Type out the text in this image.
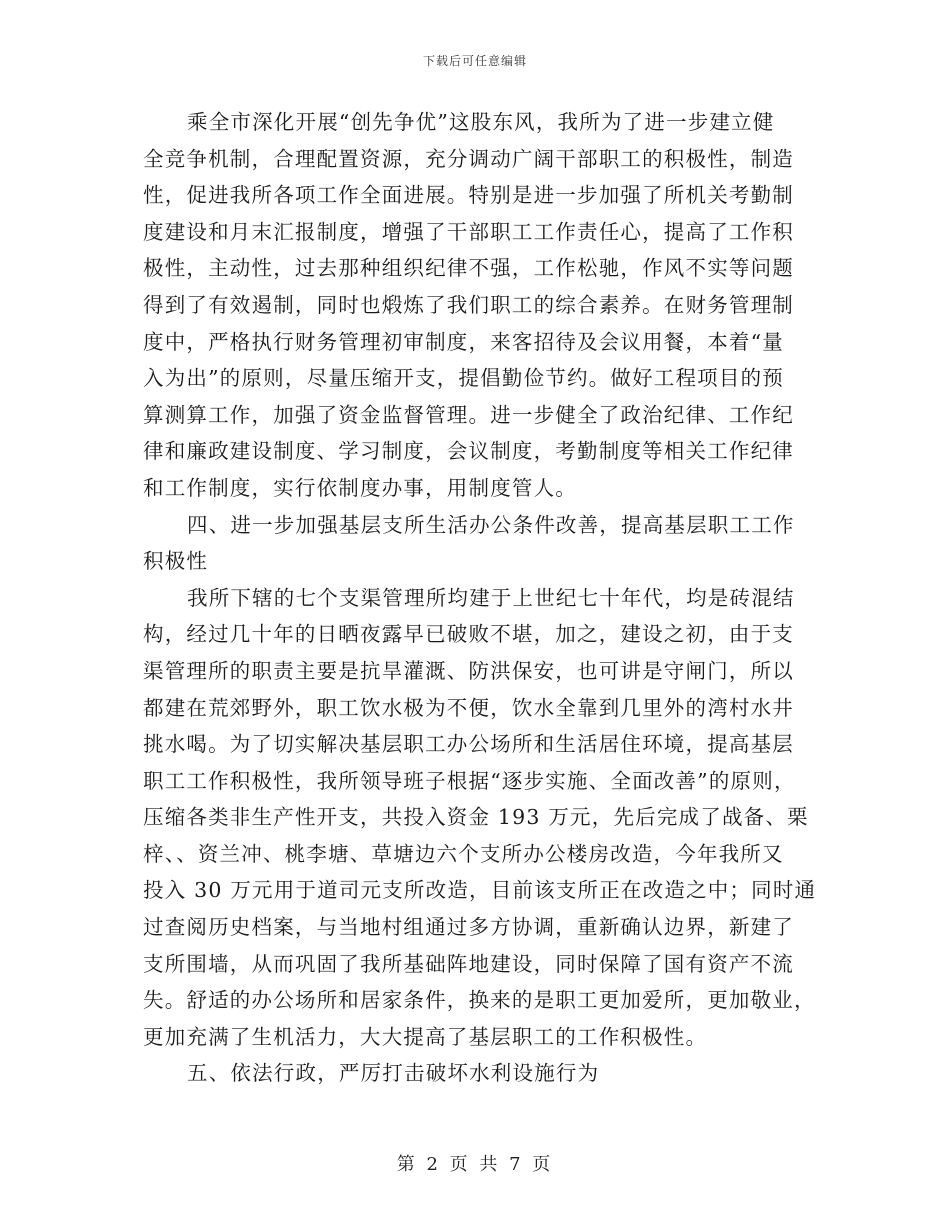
下载后可任意编辑
乘全市深化开展“创先争优”这股东风，我所为了进一步建立健
全竞争机制，合理配置资源，充分调动广阔干部职工的积极性，制造
性，促进我所各项工作全面进展。特别是进一步加强了所机关考勤制
度建设和月末汇报制度，增强了干部职工工作责任心，提高了工作积
极性，主动性，过去那种组织纪律不强，工作松驰，作风不实等问题
得到了有效遏制，同时也煅炼了我们职工的综合素养。在财务管理制
度中，严格执行财务管理初审制度，来客招待及会议用餐，本着“量
入为出”的原则，尽量压缩开支，提倡勤俭节约。做好工程项目的预
算测算工作，加强了资金监督管理。进一步健全了政治纪律、工作纪
律和廉政建设制度、学习制度，会议制度，考勤制度等相关工作纪律
和工作制度，实行依制度办事，用制度管人。
四、进一步加强基层支所生活办公条件改善，提高基层职工工作
积极性
我所下辖的七个支渠管理所均建于上世纪七十年代，均是砖混结
构，经过几十年的日晒夜露早已破败不堪，加之，建设之初，由于支
渠管理所的职责主要是抗旱灌溉、防洪保安，也可讲是守闸门，所以
都建在荒郊野外，职工饮水极为不便，饮水全靠到几里外的湾村水井
挑水喝。为了切实解决基层职工办公场所和生活居住环境，提高基层
职工工作积极性，我所领导班子根据“逐步实施、全面改善”的原则，
压缩各类非生产性开支，共投入资金 193 万元，先后完成了战备、栗
梓、、资兰冲、桃李塘、草塘边六个支所办公楼房改造，今年我所又
投入 30 万元用于道司元支所改造，目前该支所正在改造之中；同时通
过查阅历史档案，与当地村组通过多方协调，重新确认边界，新建了
支所围墙，从而巩固了我所基础阵地建设，同时保障了国有资产不流
失。舒适的办公场所和居家条件，换来的是职工更加爱所，更加敬业，
更加充满了生机活力，大大提高了基层职工的工作积极性。
五、依法行政，严厉打击破坏水利设施行为
第 2 页 共 7 页
